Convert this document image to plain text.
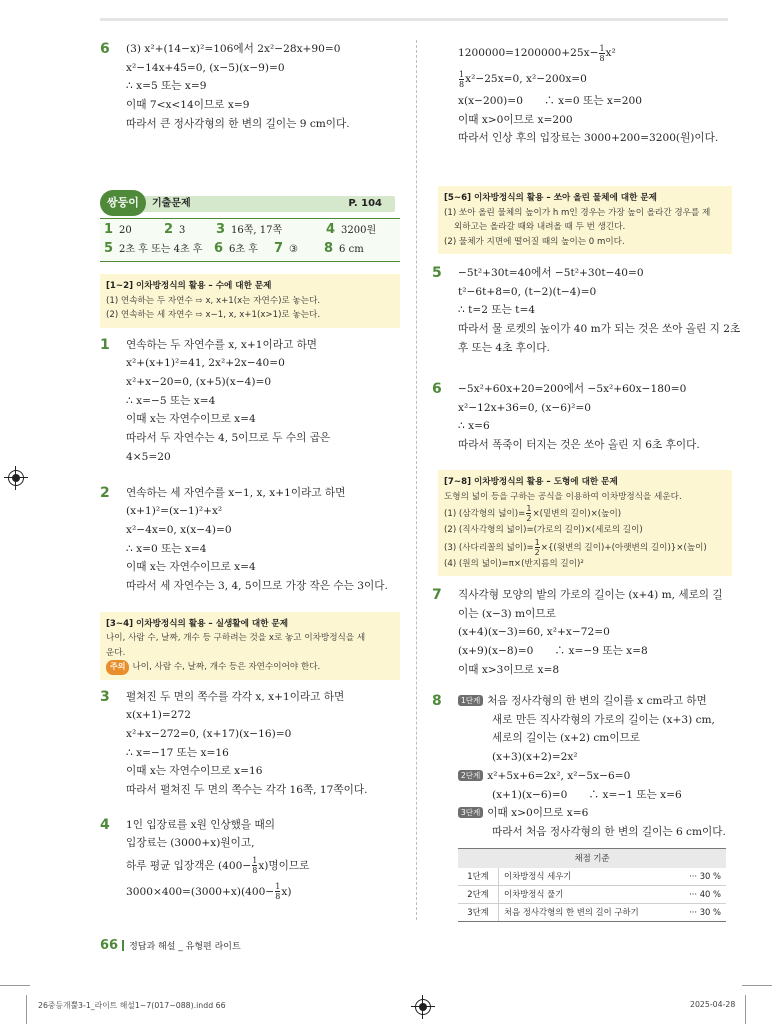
6 (3) x²+(14−x)²=106에서 2x²−28x+90=0
x²−14x+45=0, (x−5)(x−9)=0
∴ x=5 또는 x=9
이때 7<x<14이므로 x=9
따라서 큰 정사각형의 한 변의 길이는 9 cm이다.
쌍둥이	기출문제	P. 104
1 20	2 3	3 16쪽, 17쪽	4 3200원
5 2초 후 또는 4초 후 6 6초 후	7 ③	8 6 cm
[1~2] 이차방정식의 활용 – 수에 대한 문제
(1) 연속하는 두 자연수 ⇨ x, x+1(x는 자연수)로 놓는다.
(2) 연속하는 세 자연수 ⇨ x−1, x, x+1(x>1)로 놓는다.
1 연속하는 두 자연수를 x, x+1이라고 하면
x²+(x+1)²=41, 2x²+2x−40=0
x²+x−20=0, (x+5)(x−4)=0
∴ x=−5 또는 x=4
이때 x는 자연수이므로 x=4
따라서 두 자연수는 4, 5이므로 두 수의 곱은
4×5=20
2 연속하는 세 자연수를 x−1, x, x+1이라고 하면
(x+1)²=(x−1)²+x²
x²−4x=0, x(x−4)=0
∴ x=0 또는 x=4
이때 x는 자연수이므로 x=4
따라서 세 자연수는 3, 4, 5이므로 가장 작은 수는 3이다.
[3~4] 이차방정식의 활용 – 실생활에 대한 문제
나이, 사람 수, 날짜, 개수 등 구하려는 것을 x로 놓고 이차방정식을 세
운다.
주의 나이, 사람 수, 날짜, 개수 등은 자연수이어야 한다.
3 펼쳐진 두 면의 쪽수를 각각 x, x+1이라고 하면
x(x+1)=272
x²+x−272=0, (x+17)(x−16)=0
∴ x=−17 또는 x=16
이때 x는 자연수이므로 x=16
따라서 펼쳐진 두 면의 쪽수는 각각 16쪽, 17쪽이다.
4 1인 입장료를 x원 인상했을 때의
입장료는 (3000+x)원이고,
하루 평균 입장객은 $(400- \frac{1}{8} x)$명이므로
$3000\times 400=(3000+x)(400- \frac{1}{8} x)$
$1200000=1200000+25x- \frac{1}{8} x^2$
$\frac{1}{8} x^2-25x=0$, x²−200x=0
x(x−200)=0　　∴ x=0 또는 x=200
이때 x>0이므로 x=200
따라서 인상 후의 입장료는 3000+200=3200(원)이다.
[5~6] 이차방정식의 활용 – 쏘아 올린 물체에 대한 문제
(1) 쏘아 올린 물체의 높이가 h m인 경우는 가장 높이 올라간 경우를 제
외하고는 올라갈 때와 내려올 때 두 번 생긴다.
(2) 물체가 지면에 떨어질 때의 높이는 0 m이다.
5 −5t²+30t=40에서 −5t²+30t−40=0
t²−6t+8=0, (t−2)(t−4)=0
∴ t=2 또는 t=4
따라서 물 로켓의 높이가 40 m가 되는 것은 쏘아 올린 지 2초
후 또는 4초 후이다.
6 −5x²+60x+20=200에서 −5x²+60x−180=0
x²−12x+36=0, (x−6)²=0
∴ x=6
따라서 폭죽이 터지는 것은 쏘아 올린 지 6초 후이다.
[7~8] 이차방정식의 활용 – 도형에 대한 문제
도형의 넓이 등을 구하는 공식을 이용하여 이차방정식을 세운다.
(1) (삼각형의 넓이)= $\frac{1}{2}$ ×(밑변의 길이)×(높이)
(2) (직사각형의 넓이)=(가로의 길이)×(세로의 길이)
(3) (사다리꼴의 넓이)= $\frac{1}{2}$ ×{(윗변의 길이)+(아랫변의 길이)}×(높이)
(4) (원의 넓이)=π×(반지름의 길이)²
7 직사각형 모양의 밭의 가로의 길이는 (x+4) m, 세로의 길
이는 (x−3) m이므로
(x+4)(x−3)=60, x²+x−72=0
(x+9)(x−8)=0　　∴ x=−9 또는 x=8
이때 x>3이므로 x=8
8	1단계 처음 정사각형의 한 변의 길이를 x cm라고 하면
새로 만든 직사각형의 가로의 길이는 (x+3) cm,
세로의 길이는 (x+2) cm이므로
(x+3)(x+2)=2x²
2단계 x²+5x+6=2x², x²−5x−6=0
(x+1)(x−6)=0　　∴ x=−1 또는 x=6
3단계 이때 x>0이므로 x=6
따라서 처음 정사각형의 한 변의 길이는 6 cm이다.
채점 기준		
1단계	이차방정식 세우기	··· 30 %
2단계	이차방정식 풀기	··· 40 %
3단계	처음 정사각형의 한 변의 길이 구하기	··· 30 %
66 정답과 해설 _ 유형편 라이트
26중등개뿔3-1_라이트 해설1~7(017~088).indd 66	2025-04-28
